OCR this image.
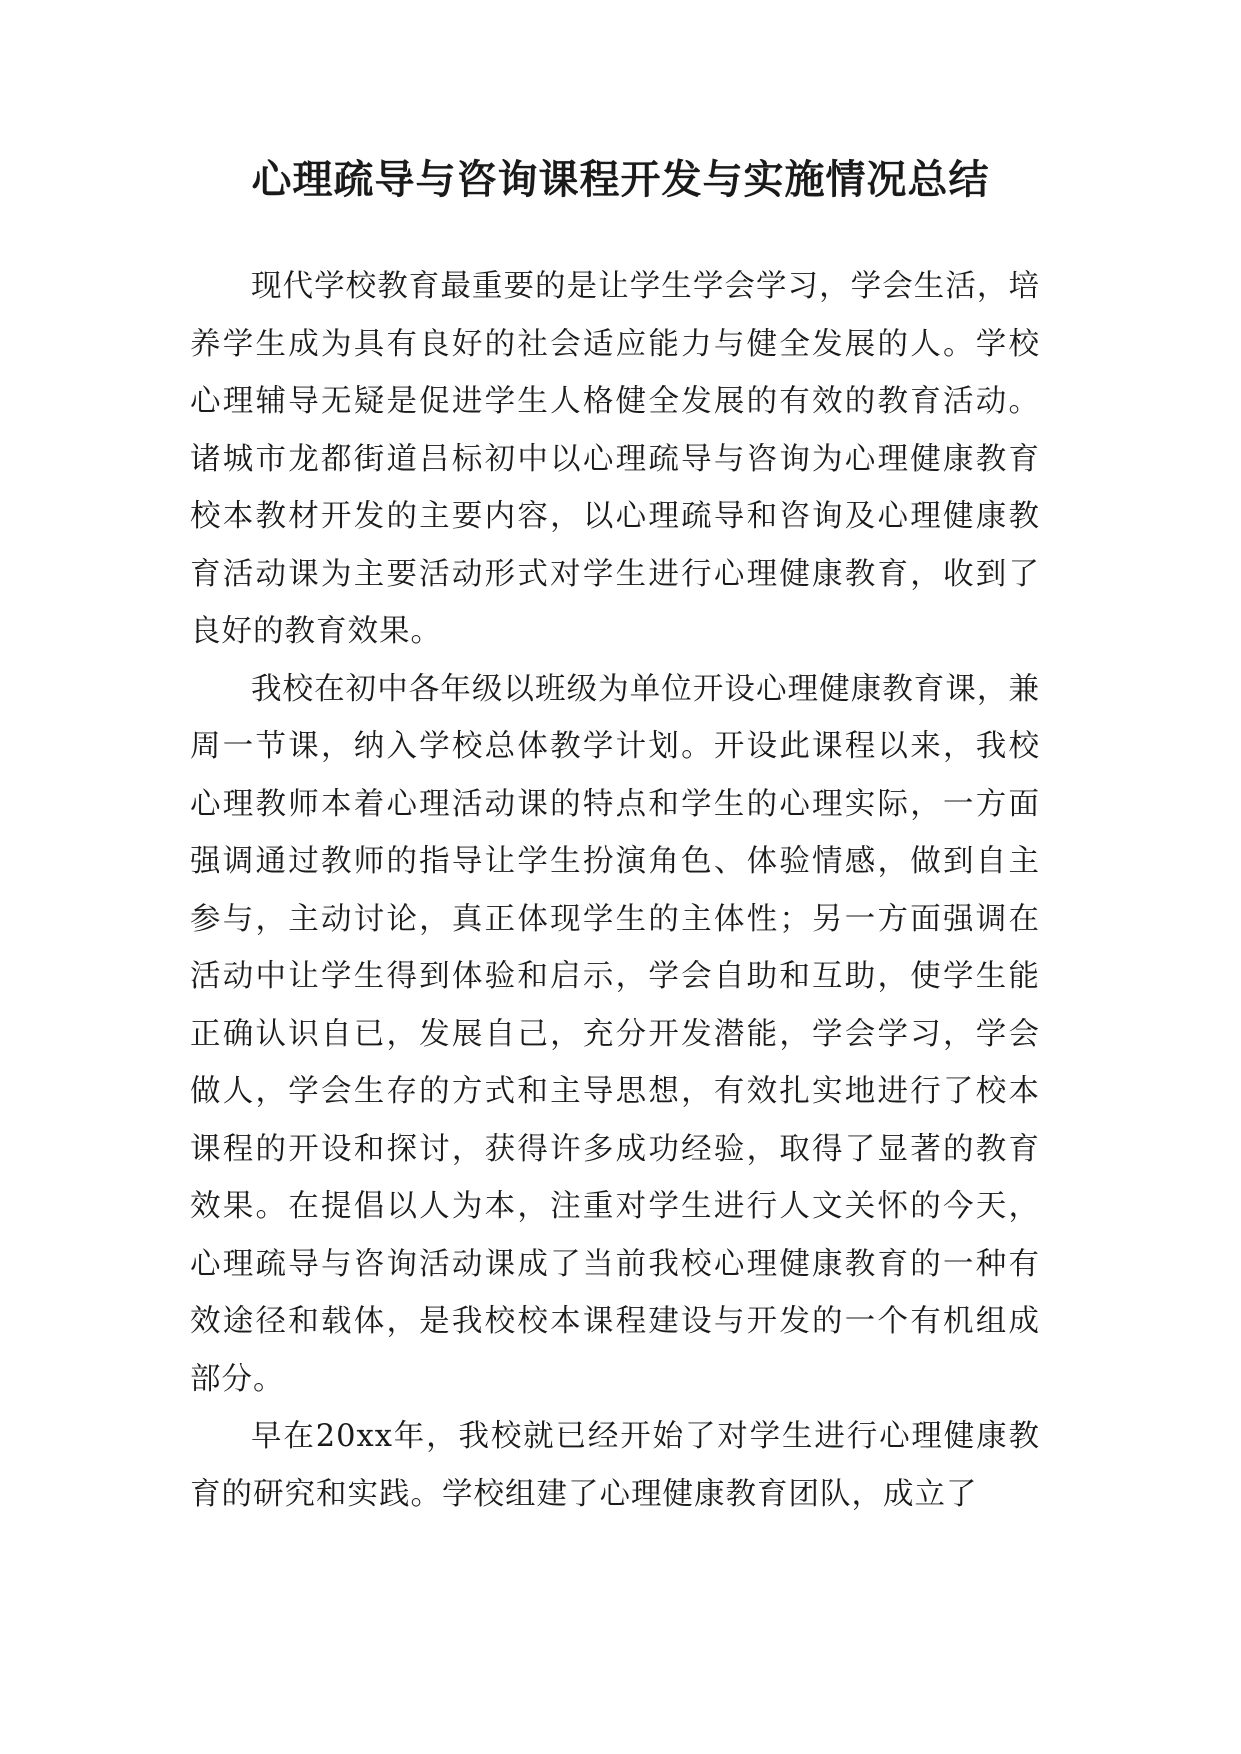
心理疏导与咨询课程开发与实施情况总结

现代学校教育最重要的是让学生学会学习，学会生活，培养学生成为具有良好的社会适应能力与健全发展的人。学校心理辅导无疑是促进学生人格健全发展的有效的教育活动。诸城市龙都街道吕标初中以心理疏导与咨询为心理健康教育校本教材开发的主要内容，以心理疏导和咨询及心理健康教育活动课为主要活动形式对学生进行心理健康教育，收到了良好的教育效果。

我校在初中各年级以班级为单位开设心理健康教育课，兼周一节课，纳入学校总体教学计划。开设此课程以来，我校心理教师本着心理活动课的特点和学生的心理实际，一方面强调通过教师的指导让学生扮演角色、体验情感，做到自主参与，主动讨论，真正体现学生的主体性；另一方面强调在活动中让学生得到体验和启示，学会自助和互助，使学生能正确认识自已，发展自己，充分开发潜能，学会学习，学会做人，学会生存的方式和主导思想，有效扎实地进行了校本课程的开设和探讨，获得许多成功经验，取得了显著的教育效果。在提倡以人为本，注重对学生进行人文关怀的今天，心理疏导与咨询活动课成了当前我校心理健康教育的一种有效途径和载体，是我校校本课程建设与开发的一个有机组成部分。

早在20xx年，我校就已经开始了对学生进行心理健康教育的研究和实践。学校组建了心理健康教育团队，成立了
